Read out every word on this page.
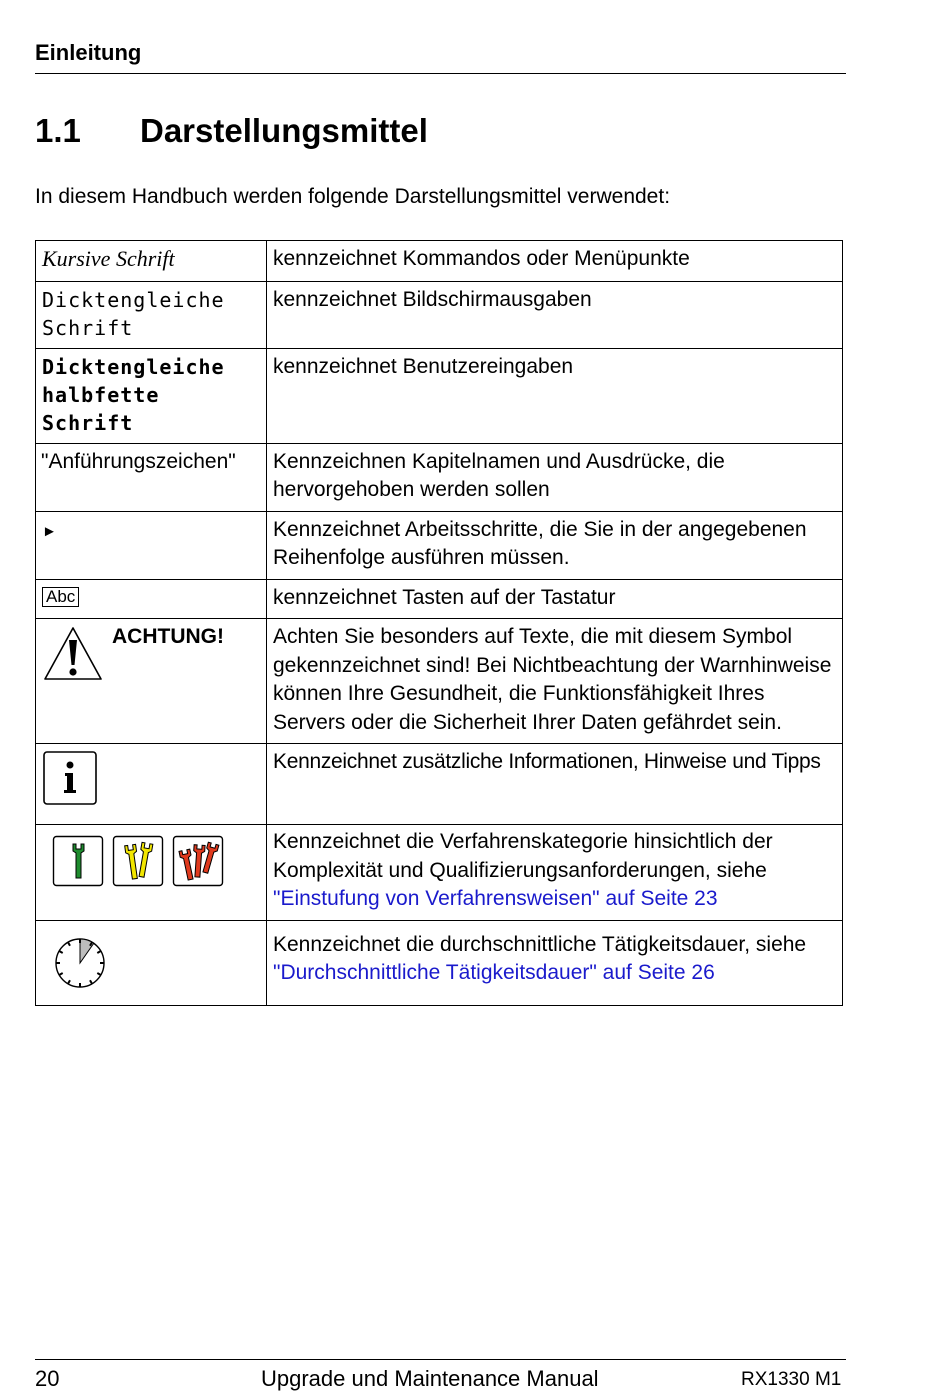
Einleitung
1.1 Darstellungsmittel
In diesem Handbuch werden folgende Darstellungsmittel verwendet:
Kursive Schrift	kennzeichnet Kommandos oder Menüpunkte

Dicktengleiche Schrift	kennzeichnet Bildschirmausgaben

Dicktengleiche halbfette Schrift	kennzeichnet Benutzereingaben
"Anführungszeichen"	Kennzeichnen Kapitelnamen und Ausdrücke, die hervorgehoben werden sollen
►	Kennzeichnet Arbeitsschritte, die Sie in der angegebenen Reihenfolge ausführen müssen.
Abc	kennzeichnet Tasten auf der Tastatur

ACHTUNG!	Achten Sie besonders auf Texte, die mit diesem Symbol gekennzeichnet sind! Bei Nichtbeachtung der Warnhinweise können Ihre Gesundheit, die Funktionsfähigkeit Ihres Servers oder die Sicherheit Ihrer Daten gefährdet sein.
	Kennzeichnet zusätzliche Informationen, Hinweise und Tipps
	Kennzeichnet die Verfahrenskategorie hinsichtlich der Komplexität und Qualifizierungsanforderungen, siehe "Einstufung von Verfahrensweisen" auf Seite 23
	Kennzeichnet die durchschnittliche Tätigkeitsdauer, siehe "Durchschnittliche Tätigkeitsdauer" auf Seite 26
20	Upgrade und Maintenance Manual	RX1330 M1
